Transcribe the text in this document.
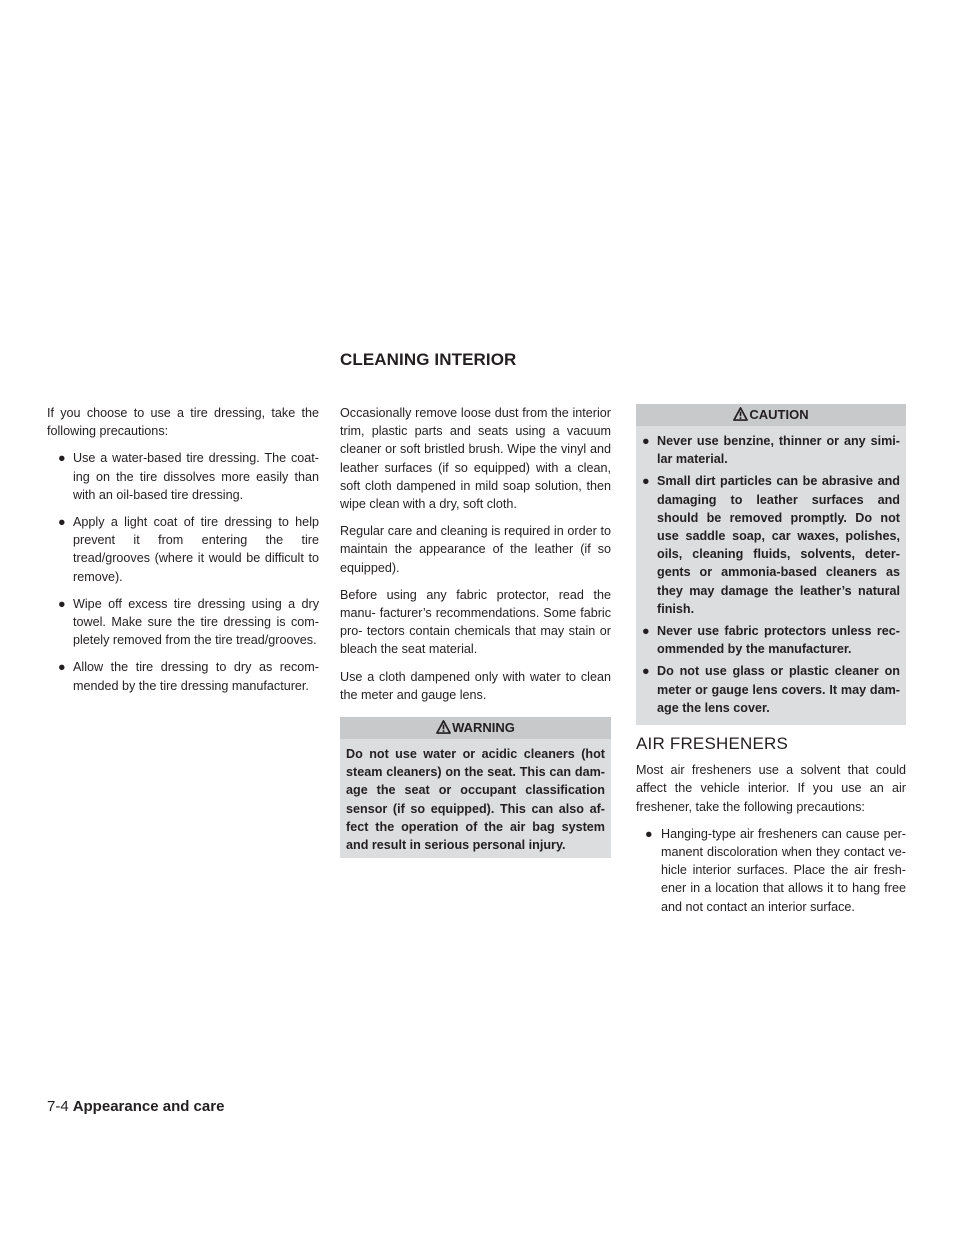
CLEANING INTERIOR

If you choose to use a tire dressing, take the following precautions:

● Use a water-based tire dressing. The coat- ing on the tire dissolves more easily than with an oil-based tire dressing.
● Apply a light coat of tire dressing to help prevent it from entering the tire tread/grooves (where it would be difficult to remove).
● Wipe off excess tire dressing using a dry towel. Make sure the tire dressing is com- pletely removed from the tire tread/grooves.
● Allow the tire dressing to dry as recom- mended by the tire dressing manufacturer.

Occasionally remove loose dust from the interior trim, plastic parts and seats using a vacuum cleaner or soft bristled brush. Wipe the vinyl and leather surfaces (if so equipped) with a clean, soft cloth dampened in mild soap solution, then wipe clean with a dry, soft cloth.

Regular care and cleaning is required in order to maintain the appearance of the leather (if so equipped).

Before using any fabric protector, read the manu- facturer’s recommendations. Some fabric pro- tectors contain chemicals that may stain or bleach the seat material.

Use a cloth dampened only with water to clean the meter and gauge lens.

WARNING

Do not use water or acidic cleaners (hot steam cleaners) on the seat. This can dam- age the seat or occupant classification sensor (if so equipped). This can also af- fect the operation of the air bag system and result in serious personal injury.

CAUTION
● Never use benzine, thinner or any simi- lar material.
● Small dirt particles can be abrasive and damaging to leather surfaces and should be removed promptly. Do not use saddle soap, car waxes, polishes, oils, cleaning fluids, solvents, deter- gents or ammonia-based cleaners as they may damage the leather’s natural finish.
● Never use fabric protectors unless rec- ommended by the manufacturer.
● Do not use glass or plastic cleaner on meter or gauge lens covers. It may dam- age the lens cover.
AIR FRESHENERS

Most air fresheners use a solvent that could affect the vehicle interior. If you use an air freshener, take the following precautions:

● Hanging-type air fresheners can cause per- manent discoloration when they contact ve- hicle interior surfaces. Place the air fresh- ener in a location that allows it to hang free and not contact an interior surface.
7-4 Appearance and care
